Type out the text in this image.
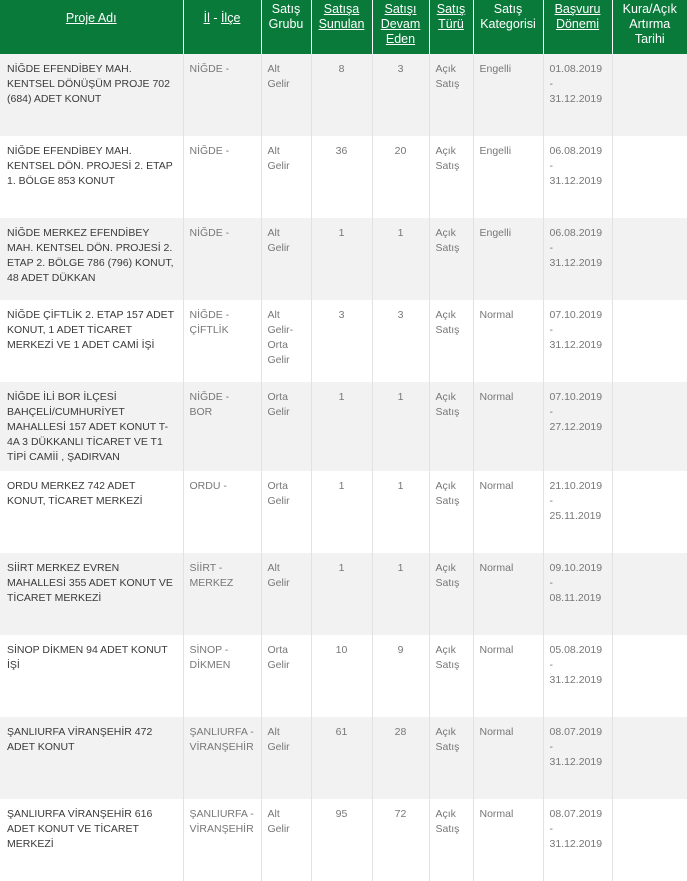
Proje Adı	İl - İlçe	Satış Grubu	Satışa Sunulan	Satışı Devam Eden	Satış Türü	Satış Kategorisi	Başvuru Dönemi	Kura/Açık Artırma Tarihi
NİĞDE EFENDİBEY MAH. KENTSEL DÖNÜŞÜM PROJE 702 (684) ADET KONUT	NİĞDE -	Alt Gelir	8	3	Açık Satış	Engelli	01.08.2019 - 31.12.2019	
NİĞDE EFENDİBEY MAH. KENTSEL DÖN. PROJESİ 2. ETAP 1. BÖLGE 853 KONUT	NİĞDE -	Alt Gelir	36	20	Açık Satış	Engelli	06.08.2019 - 31.12.2019	
NİĞDE MERKEZ EFENDİBEY MAH. KENTSEL DÖN. PROJESİ 2. ETAP 2. BÖLGE 786 (796) KONUT, 48 ADET DÜKKAN	NİĞDE -	Alt Gelir	1	1	Açık Satış	Engelli	06.08.2019 - 31.12.2019	
NİĞDE ÇİFTLİK 2. ETAP 157 ADET KONUT, 1 ADET TİCARET MERKEZİ VE 1 ADET CAMİ İŞİ	NİĞDE - ÇİFTLİK	Alt Gelir-Orta Gelir	3	3	Açık Satış	Normal	07.10.2019 - 31.12.2019	
NİĞDE İLİ BOR İLÇESİ BAHÇELİ/CUMHURİYET MAHALLESİ 157 ADET KONUT T-4A 3 DÜKKANLI TİCARET VE T1 TİPİ CAMİİ , ŞADIRVAN	NİĞDE - BOR	Orta Gelir	1	1	Açık Satış	Normal	07.10.2019 - 27.12.2019	
ORDU MERKEZ 742 ADET KONUT, TİCARET MERKEZİ	ORDU -	Orta Gelir	1	1	Açık Satış	Normal	21.10.2019 - 25.11.2019	
SİİRT MERKEZ EVREN MAHALLESİ 355 ADET KONUT VE TİCARET MERKEZİ	SİİRT - MERKEZ	Alt Gelir	1	1	Açık Satış	Normal	09.10.2019 - 08.11.2019	
SİNOP DİKMEN 94 ADET KONUT İŞİ	SİNOP - DİKMEN	Orta Gelir	10	9	Açık Satış	Normal	05.08.2019 - 31.12.2019	
ŞANLIURFA VİRANŞEHİR 472 ADET KONUT	ŞANLIURFA - VİRANŞEHİR	Alt Gelir	61	28	Açık Satış	Normal	08.07.2019 - 31.12.2019	
ŞANLIURFA VİRANŞEHİR 616 ADET KONUT VE TİCARET MERKEZİ	ŞANLIURFA - VİRANŞEHİR	Alt Gelir	95	72	Açık Satış	Normal	08.07.2019 - 31.12.2019	
